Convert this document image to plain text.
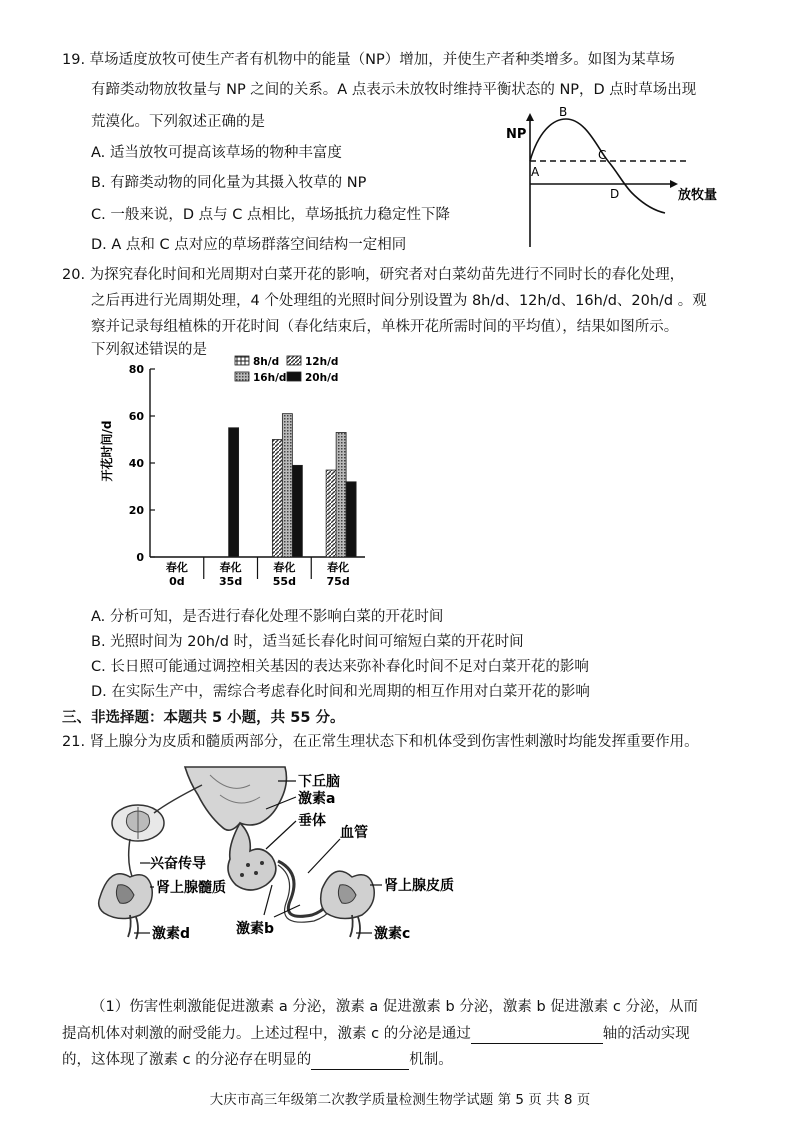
19. 草场适度放牧可使生产者有机物中的能量（NP）增加，并使生产者种类增多。如图为某草场
有蹄类动物放牧量与 NP 之间的关系。A 点表示未放牧时维持平衡状态的 NP，D 点时草场出现
荒漠化。下列叙述正确的是
A. 适当放牧可提高该草场的物种丰富度
B. 有蹄类动物的同化量为其摄入牧草的 NP
C. 一般来说，D 点与 C 点相比，草场抵抗力稳定性下降
D. A 点和 C 点对应的草场群落空间结构一定相同
NP
放牧量
A
B
C
D
20. 为探究春化时间和光周期对白菜开花的影响，研究者对白菜幼苗先进行不同时长的春化处理，
之后再进行光周期处理，4 个处理组的光照时间分别设置为 8h/d、12h/d、16h/d、20h/d 。观
察并记录每组植株的开花时间（春化结束后，单株开花所需时间的平均值），结果如图所示。
下列叙述错误的是
0
20
40
60
80
春化
0d
春化
35d
春化
55d
春化
75d
8h/d 12h/d
16h/d 20h/d
开花时间/d
A. 分析可知，是否进行春化处理不影响白菜的开花时间
B. 光照时间为 20h/d 时，适当延长春化时间可缩短白菜的开花时间
C. 长日照可能通过调控相关基因的表达来弥补春化时间不足对白菜开花的影响
D. 在实际生产中，需综合考虑春化时间和光周期的相互作用对白菜开花的影响
三、非选择题：本题共 5 小题，共 55 分。
21. 肾上腺分为皮质和髓质两部分，在正常生理状态下和机体受到伤害性刺激时均能发挥重要作用。
下丘脑
激素a
垂体
血管
兴奋传导
肾上腺髓质	肾上腺皮质
激素b
激素d	激素c
（1）伤害性刺激能促进激素 a 分泌，激素 a 促进激素 b 分泌，激素 b 促进激素 c 分泌，从而
提高机体对刺激的耐受能力。上述过程中，激素 c 的分泌是通过	轴的活动实现
的，这体现了激素 c 的分泌存在明显的	机制。
大庆市高三年级第二次教学质量检测生物学试题 第 5 页 共 8 页
